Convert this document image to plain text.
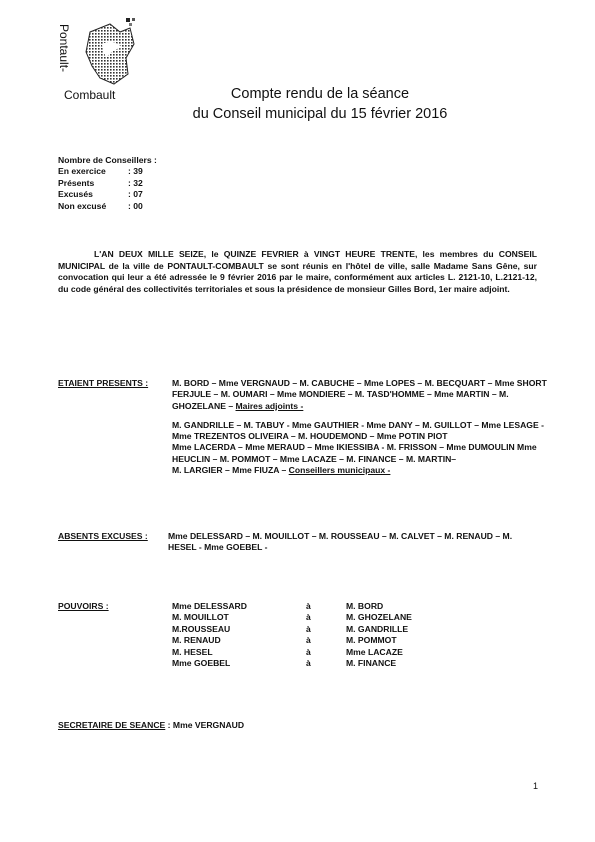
Pontault-
Combault	Compte rendu de la séance
du Conseil municipal du 15 février 2016
Nombre de Conseillers :
En exercice	: 39
Présents	: 32
Excusés	: 07
Non excusé	: 00
L'AN DEUX MILLE SEIZE, le QUINZE FEVRIER à VINGT HEURE TRENTE, les membres du CONSEIL MUNICIPAL de la ville de PONTAULT-COMBAULT se sont réunis en l'hôtel de ville, salle Madame Sans Gêne, sur convocation qui leur a été adressée le 9 février 2016 par le maire, conformément aux articles L. 2121-10, L.2121-12, du code général des collectivités territoriales et sous la présidence de monsieur Gilles Bord, 1er maire adjoint.
ETAIENT PRESENTS :	M. BORD – Mme VERGNAUD – M. CABUCHE – Mme LOPES – M. BECQUART – Mme SHORT FERJULE – M. OUMARI – Mme MONDIERE – M. TASD'HOMME – Mme MARTIN – M. GHOZELANE – Maires adjoints -
M. GANDRILLE – M. TABUY - Mme GAUTHIER - Mme DANY – M. GUILLOT – Mme LESAGE - Mme TREZENTOS OLIVEIRA – M. HOUDEMOND – Mme POTIN PIOT
Mme LACERDA – Mme MERAUD – Mme IKIESSIBA - M. FRISSON – Mme DUMOULIN Mme HEUCLIN – M. POMMOT – Mme LACAZE – M. FINANCE – M. MARTIN–
M. LARGIER – Mme FIUZA – Conseillers municipaux -
ABSENTS EXCUSES : Mme DELESSARD – M. MOUILLOT – M. ROUSSEAU – M. CALVET – M. RENAUD – M. HESEL - Mme GOEBEL -
POUVOIRS :	Mme DELESSARD	à	M. BORD
M. MOUILLOT	à	M. GHOZELANE
M.ROUSSEAU	à	M. GANDRILLE
M. RENAUD	à	M. POMMOT
M. HESEL	à	Mme LACAZE
Mme GOEBEL	à	M. FINANCE
SECRETAIRE DE SEANCE : Mme VERGNAUD
1
